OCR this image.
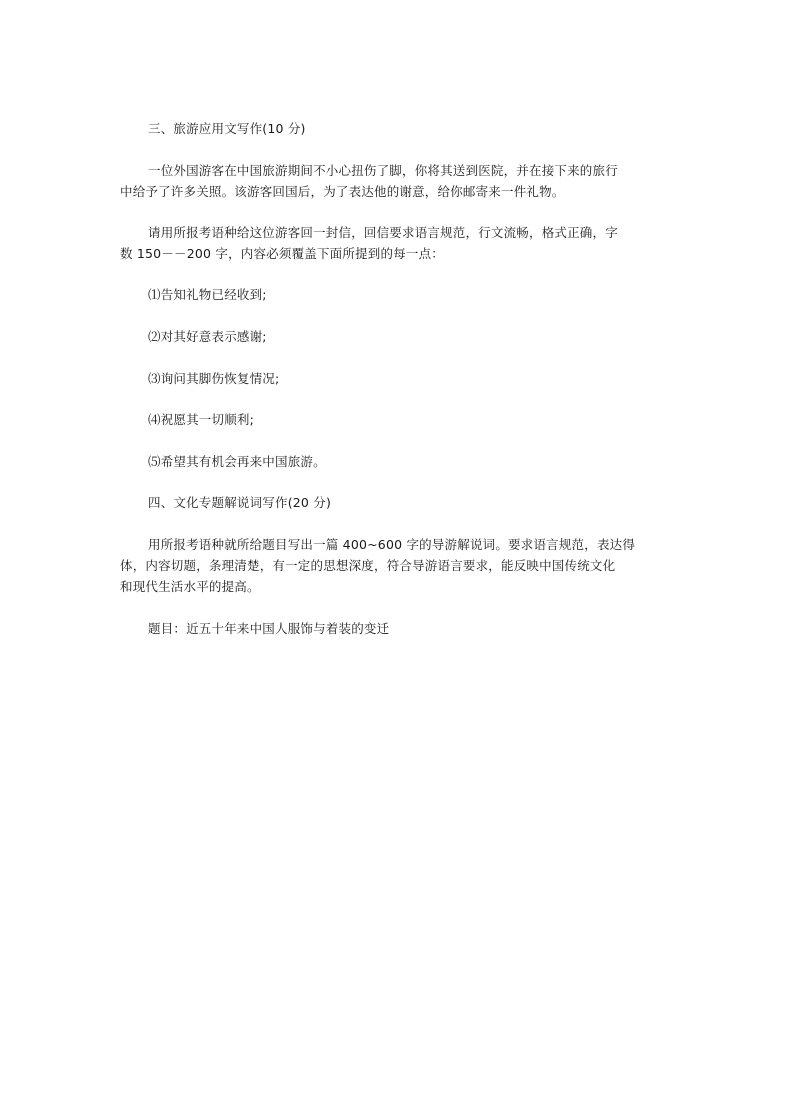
三、旅游应用文写作(10 分)
一位外国游客在中国旅游期间不小心扭伤了脚，你将其送到医院，并在接下来的旅行
中给予了许多关照。该游客回国后，为了表达他的谢意，给你邮寄来一件礼物。
请用所报考语种给这位游客回一封信，回信要求语言规范，行文流畅，格式正确，字
数 150－－200 字，内容必须覆盖下面所提到的每一点：
⑴告知礼物已经收到;
⑵对其好意表示感谢;
⑶询问其脚伤恢复情况;
⑷祝愿其一切顺利;
⑸希望其有机会再来中国旅游。
四、文化专题解说词写作(20 分)
用所报考语种就所给题目写出一篇 400~600 字的导游解说词。要求语言规范，表达得
体，内容切题，条理清楚，有一定的思想深度，符合导游语言要求，能反映中国传统文化
和现代生活水平的提高。
题目：近五十年来中国人服饰与着装的变迁
